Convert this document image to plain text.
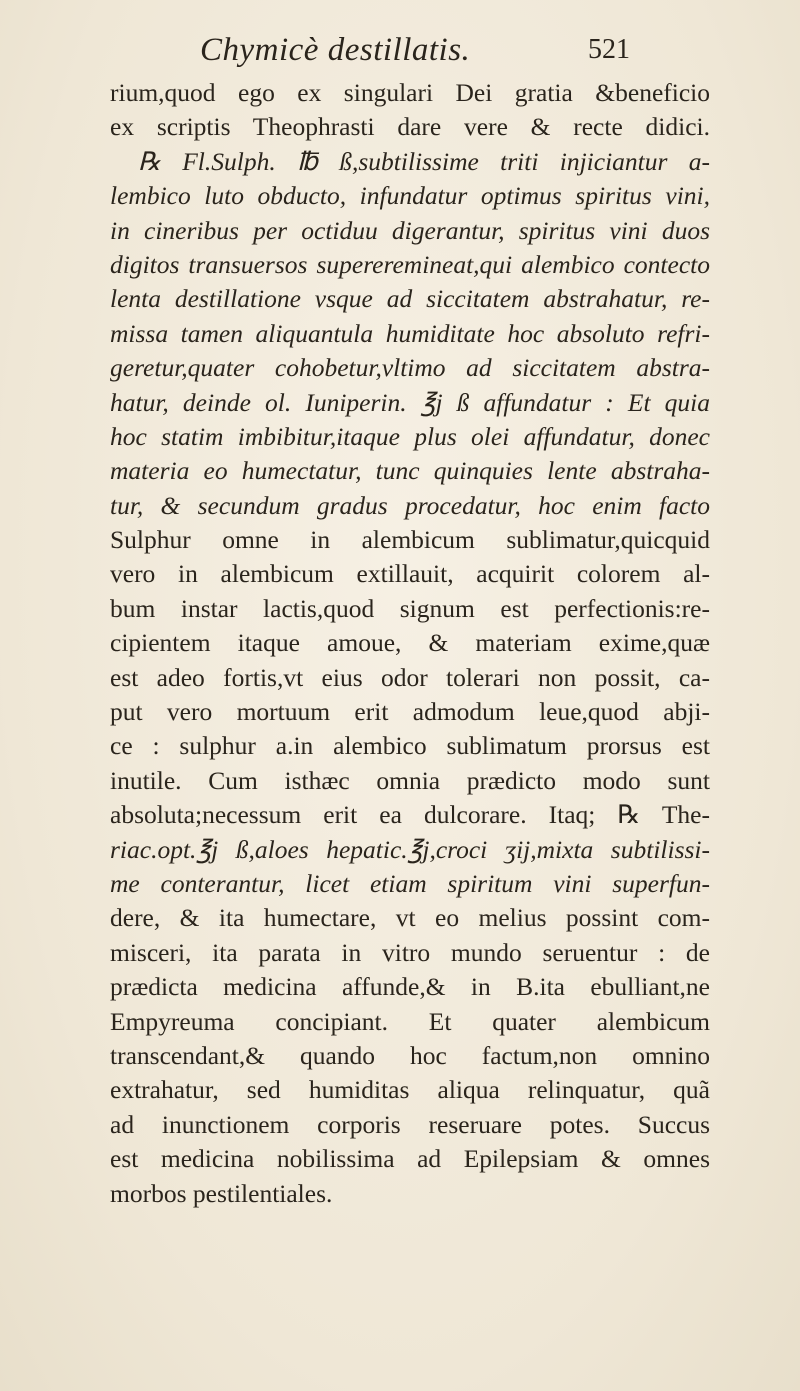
Chymicè destillatis.	521
rium,quod ego ex singulari Dei gratia &beneficio
ex scriptis Theophrasti dare vere & recte didici.
℞ Fl.Sulph. ℔ ß,subtilissime triti injiciantur a-
lembico luto obducto, infundatur optimus spiritus vini,
in cineribus per octiduu digerantur, spiritus vini duos
digitos transuersos supereremineat,qui alembico contecto
lenta destillatione vsque ad siccitatem abstrahatur, re-
missa tamen aliquantula humiditate hoc absoluto refri-
geretur,quater cohobetur,vltimo ad siccitatem abstra-
hatur, deinde ol. Iuniperin. ℥j ß affundatur : Et quia
hoc statim imbibitur,itaque plus olei affundatur, donec
materia eo humectatur, tunc quinquies lente abstraha-
tur, & secundum gradus procedatur, hoc enim facto
Sulphur omne in alembicum sublimatur,quicquid
vero in alembicum extillauit, acquirit colorem al-
bum instar lactis,quod signum est perfectionis:re-
cipientem itaque amoue, & materiam exime,quæ
est adeo fortis,vt eius odor tolerari non possit, ca-
put vero mortuum erit admodum leue,quod abji-
ce : sulphur a.in alembico sublimatum prorsus est
inutile. Cum isthæc omnia prædicto modo sunt
absoluta;necessum erit ea dulcorare. Itaq; ℞ The-
riac.opt.℥j ß,aloes hepatic.℥j,croci ʒij,mixta subtilissi-
me conterantur, licet etiam spiritum vini superfun-
dere, & ita humectare, vt eo melius possint com-
misceri, ita parata in vitro mundo seruentur : de
prædicta medicina affunde,& in B.ita ebulliant,ne
Empyreuma concipiant. Et quater alembicum
transcendant,& quando hoc factum,non omnino
extrahatur, sed humiditas aliqua relinquatur, quã
ad inunctionem corporis reseruare potes. Succus
est medicina nobilissima ad Epilepsiam & omnes
morbos pestilentiales.
